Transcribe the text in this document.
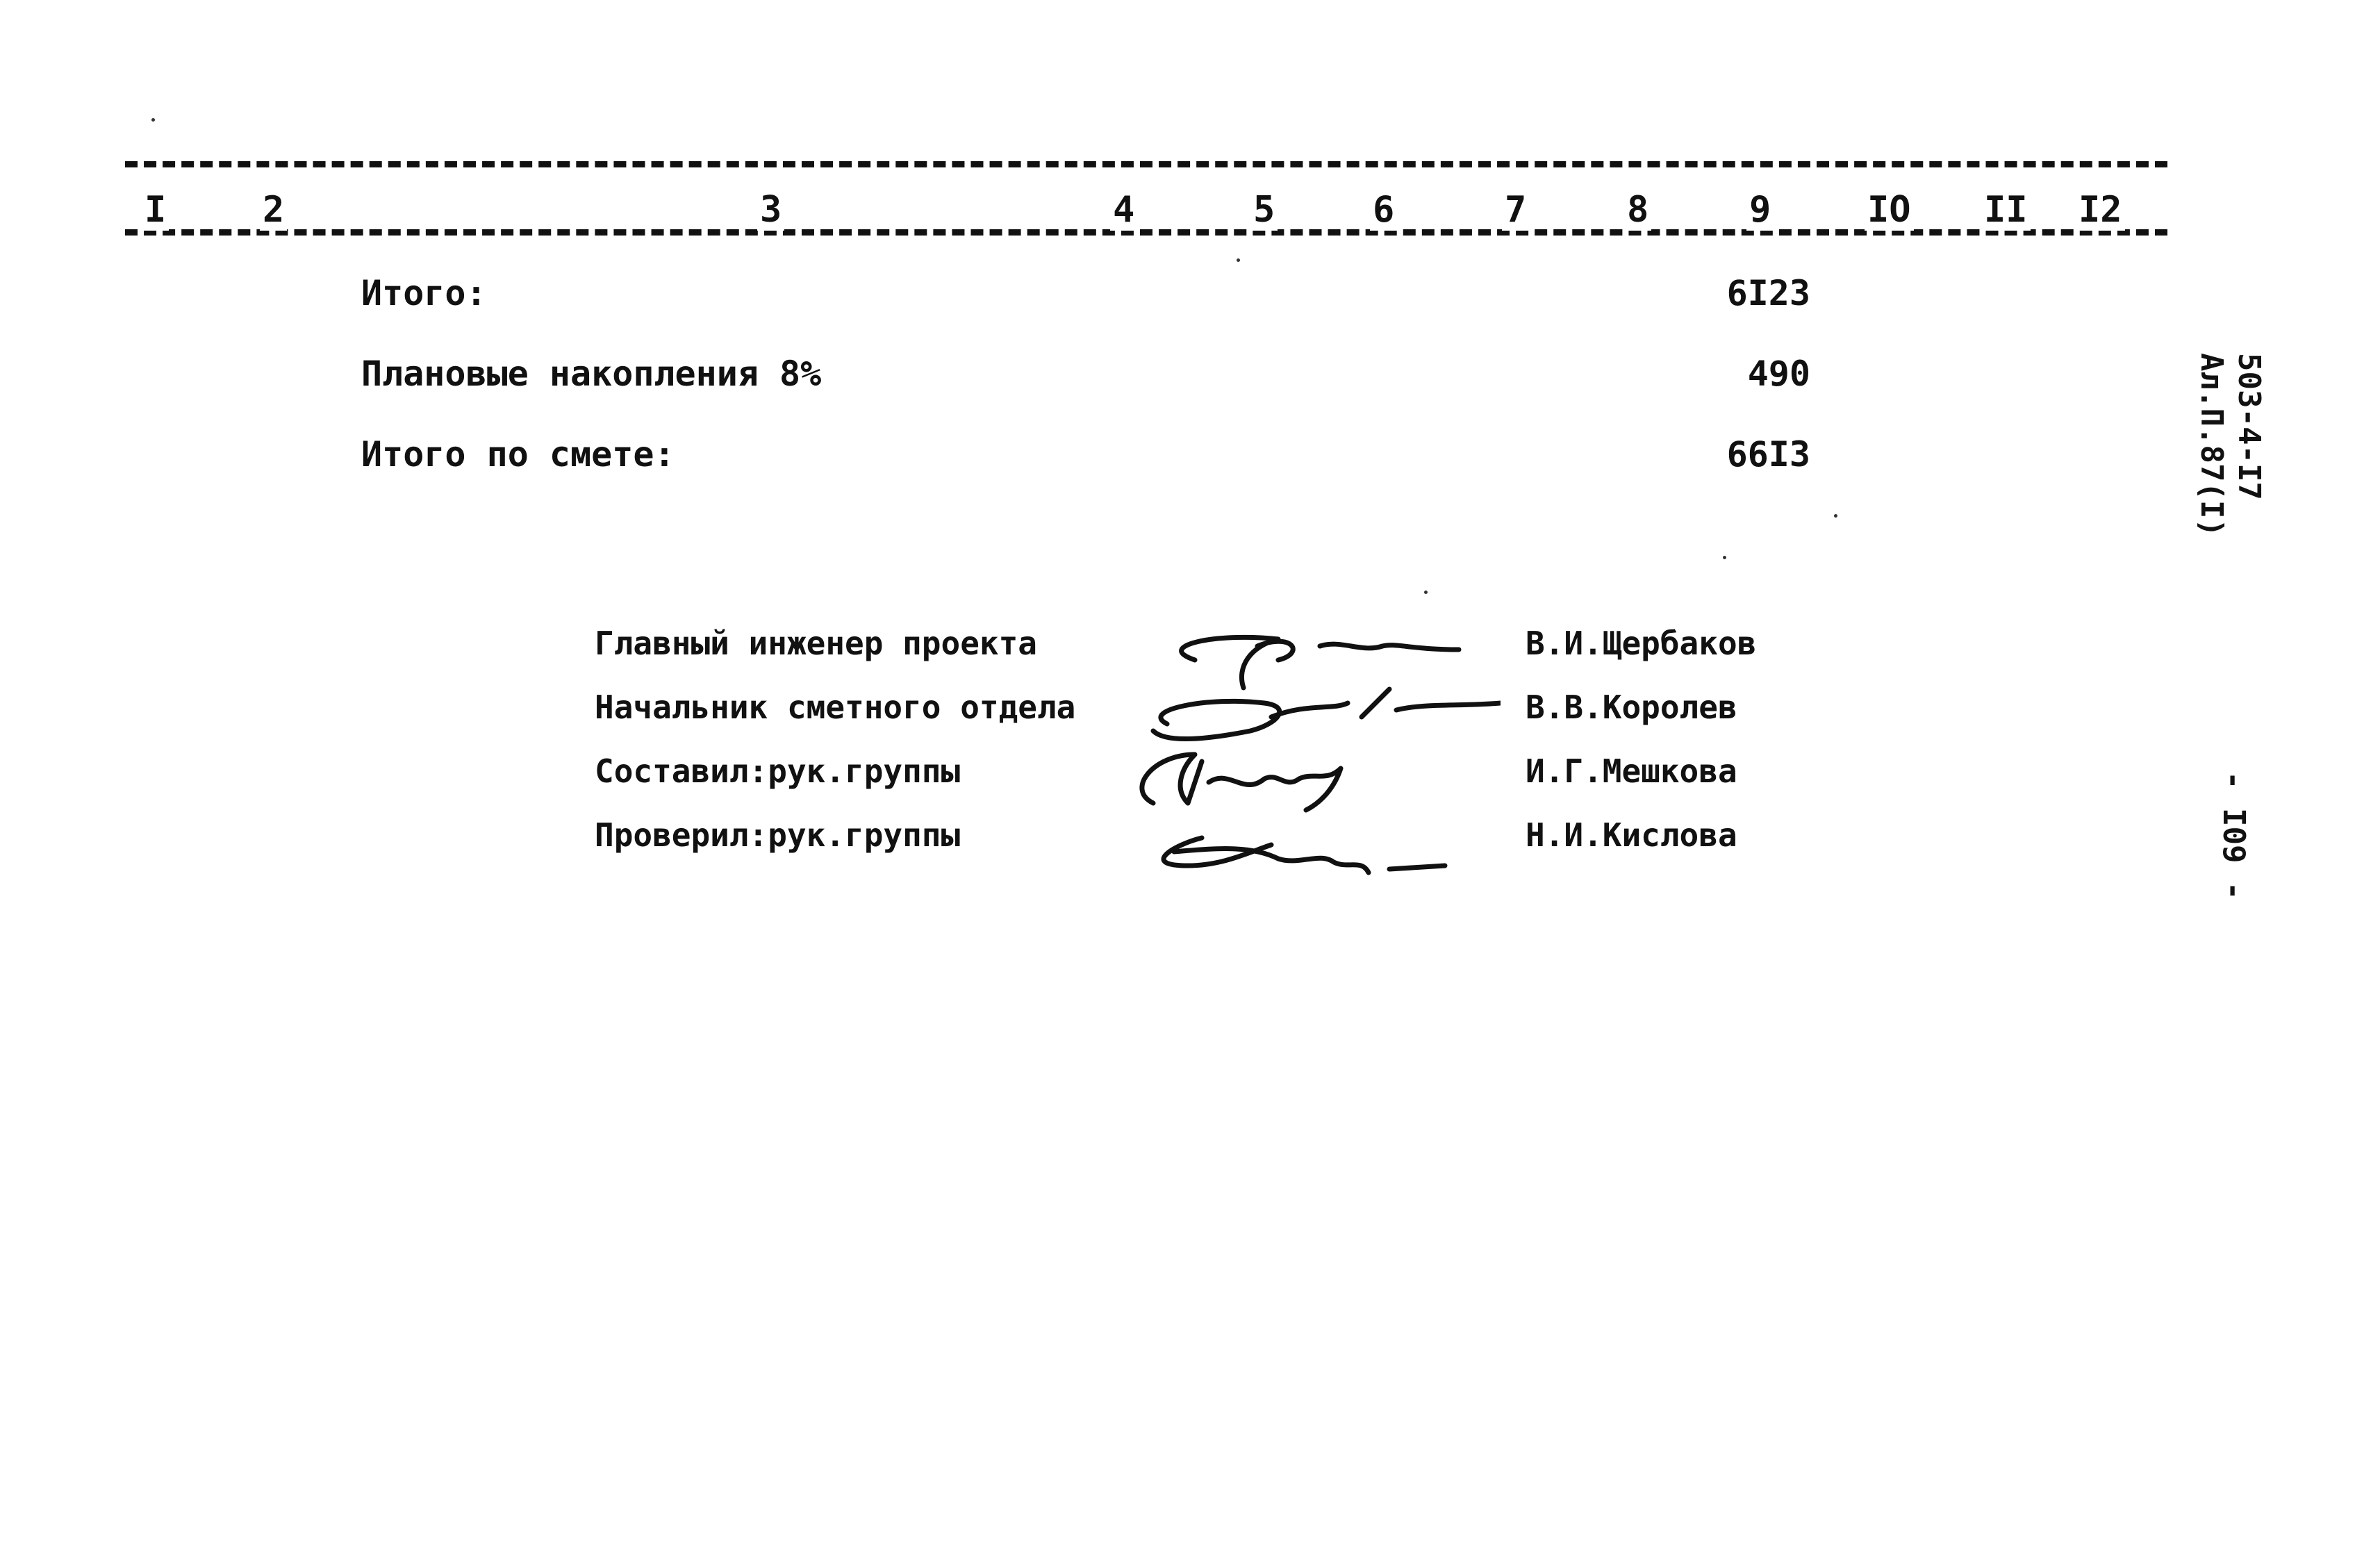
I	2	3	4	5	6	7	8	9	IO II I2
Итого:	6I23
Плановые накопления 8%	490
Итого по смете:	66I3
Главный инженер проекта	В.И.Щербаков
Начальник сметного отдела	В.В.Королев
Составил:рук.группы	И.Г.Мешкова
Проверил:рук.группы	Н.И.Кислова
503-4-I7
Ал.П.87(I)
- I09 -
